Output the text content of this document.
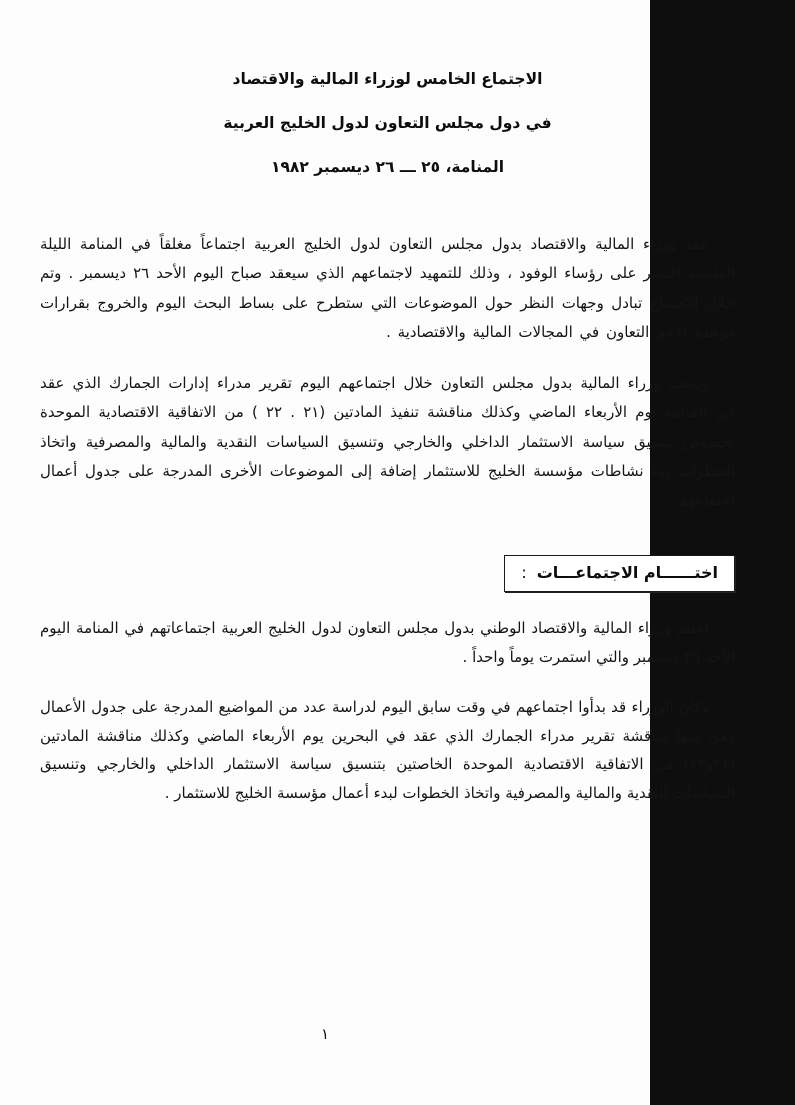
الاجتماع الخامس لوزراء المالية والاقتصاد
في دول مجلس التعاون لدول الخليج العربية
المنامة، ٢٥ ـــ ٢٦ ديسمبر ١٩٨٢

عقد وزراء المالية والاقتصاد بدول مجلس التعاون لدول الخليج العربية اجتماعاً مغلقاً في المنامة الليلة الماضية اقتصر على رؤساء الوفود ، وذلك للتمهيد لاجتماعهم الذي سيعقد صباح اليوم الأحد ٢٦ ديسمبر . وتم خلال الاجتماع تبادل وجهات النظر حول الموضوعات التي ستطرح على بساط البحث اليوم والخروج بقرارات موحدة لدعم التعاون في المجالات المالية والاقتصادية .

ويبحث وزراء المالية بدول مجلس التعاون خلال اجتماعهم اليوم تقرير مدراء إدارات الجمارك الذي عقد في المنامة يوم الأربعاء الماضي وكذلك مناقشة تنفيذ المادتين (٢١ . ٢٢ ) من الاتفاقية الاقتصادية الموحدة بخصوص تنسيق سياسة الاستثمار الداخلي والخارجي وتنسيق السياسات النقدية والمالية والمصرفية واتخاذ الخطوات بدء نشاطات مؤسسة الخليج للاستثمار إضافة إلى الموضوعات الأخرى المدرجة على جدول أعمال اجتماعهم

اختــــــام الاجتماعـــات:

اختتم وزراء المالية والاقتصاد الوطني بدول مجلس التعاون لدول الخليج العربية اجتماعاتهم في المنامة اليوم الأحد ٢٦ ديسمبر والتي استمرت يوماً واحداً .

وكان الوزراء قد بدأوا اجتماعهم في وقت سابق اليوم لدراسة عدد من المواضيع المدرجة على جدول الأعمال ومن بينها مناقشة تقرير مدراء الجمارك الذي عقد في البحرين يوم الأربعاء الماضي وكذلك مناقشة المادتين (٢١و٢٢) من الاتفاقية الاقتصادية الموحدة الخاصتين بتنسيق سياسة الاستثمار الداخلي والخارجي وتنسيق السياسات النقدية والمالية والمصرفية واتخاذ الخطوات لبدء أعمال مؤسسة الخليج للاستثمار .

١
